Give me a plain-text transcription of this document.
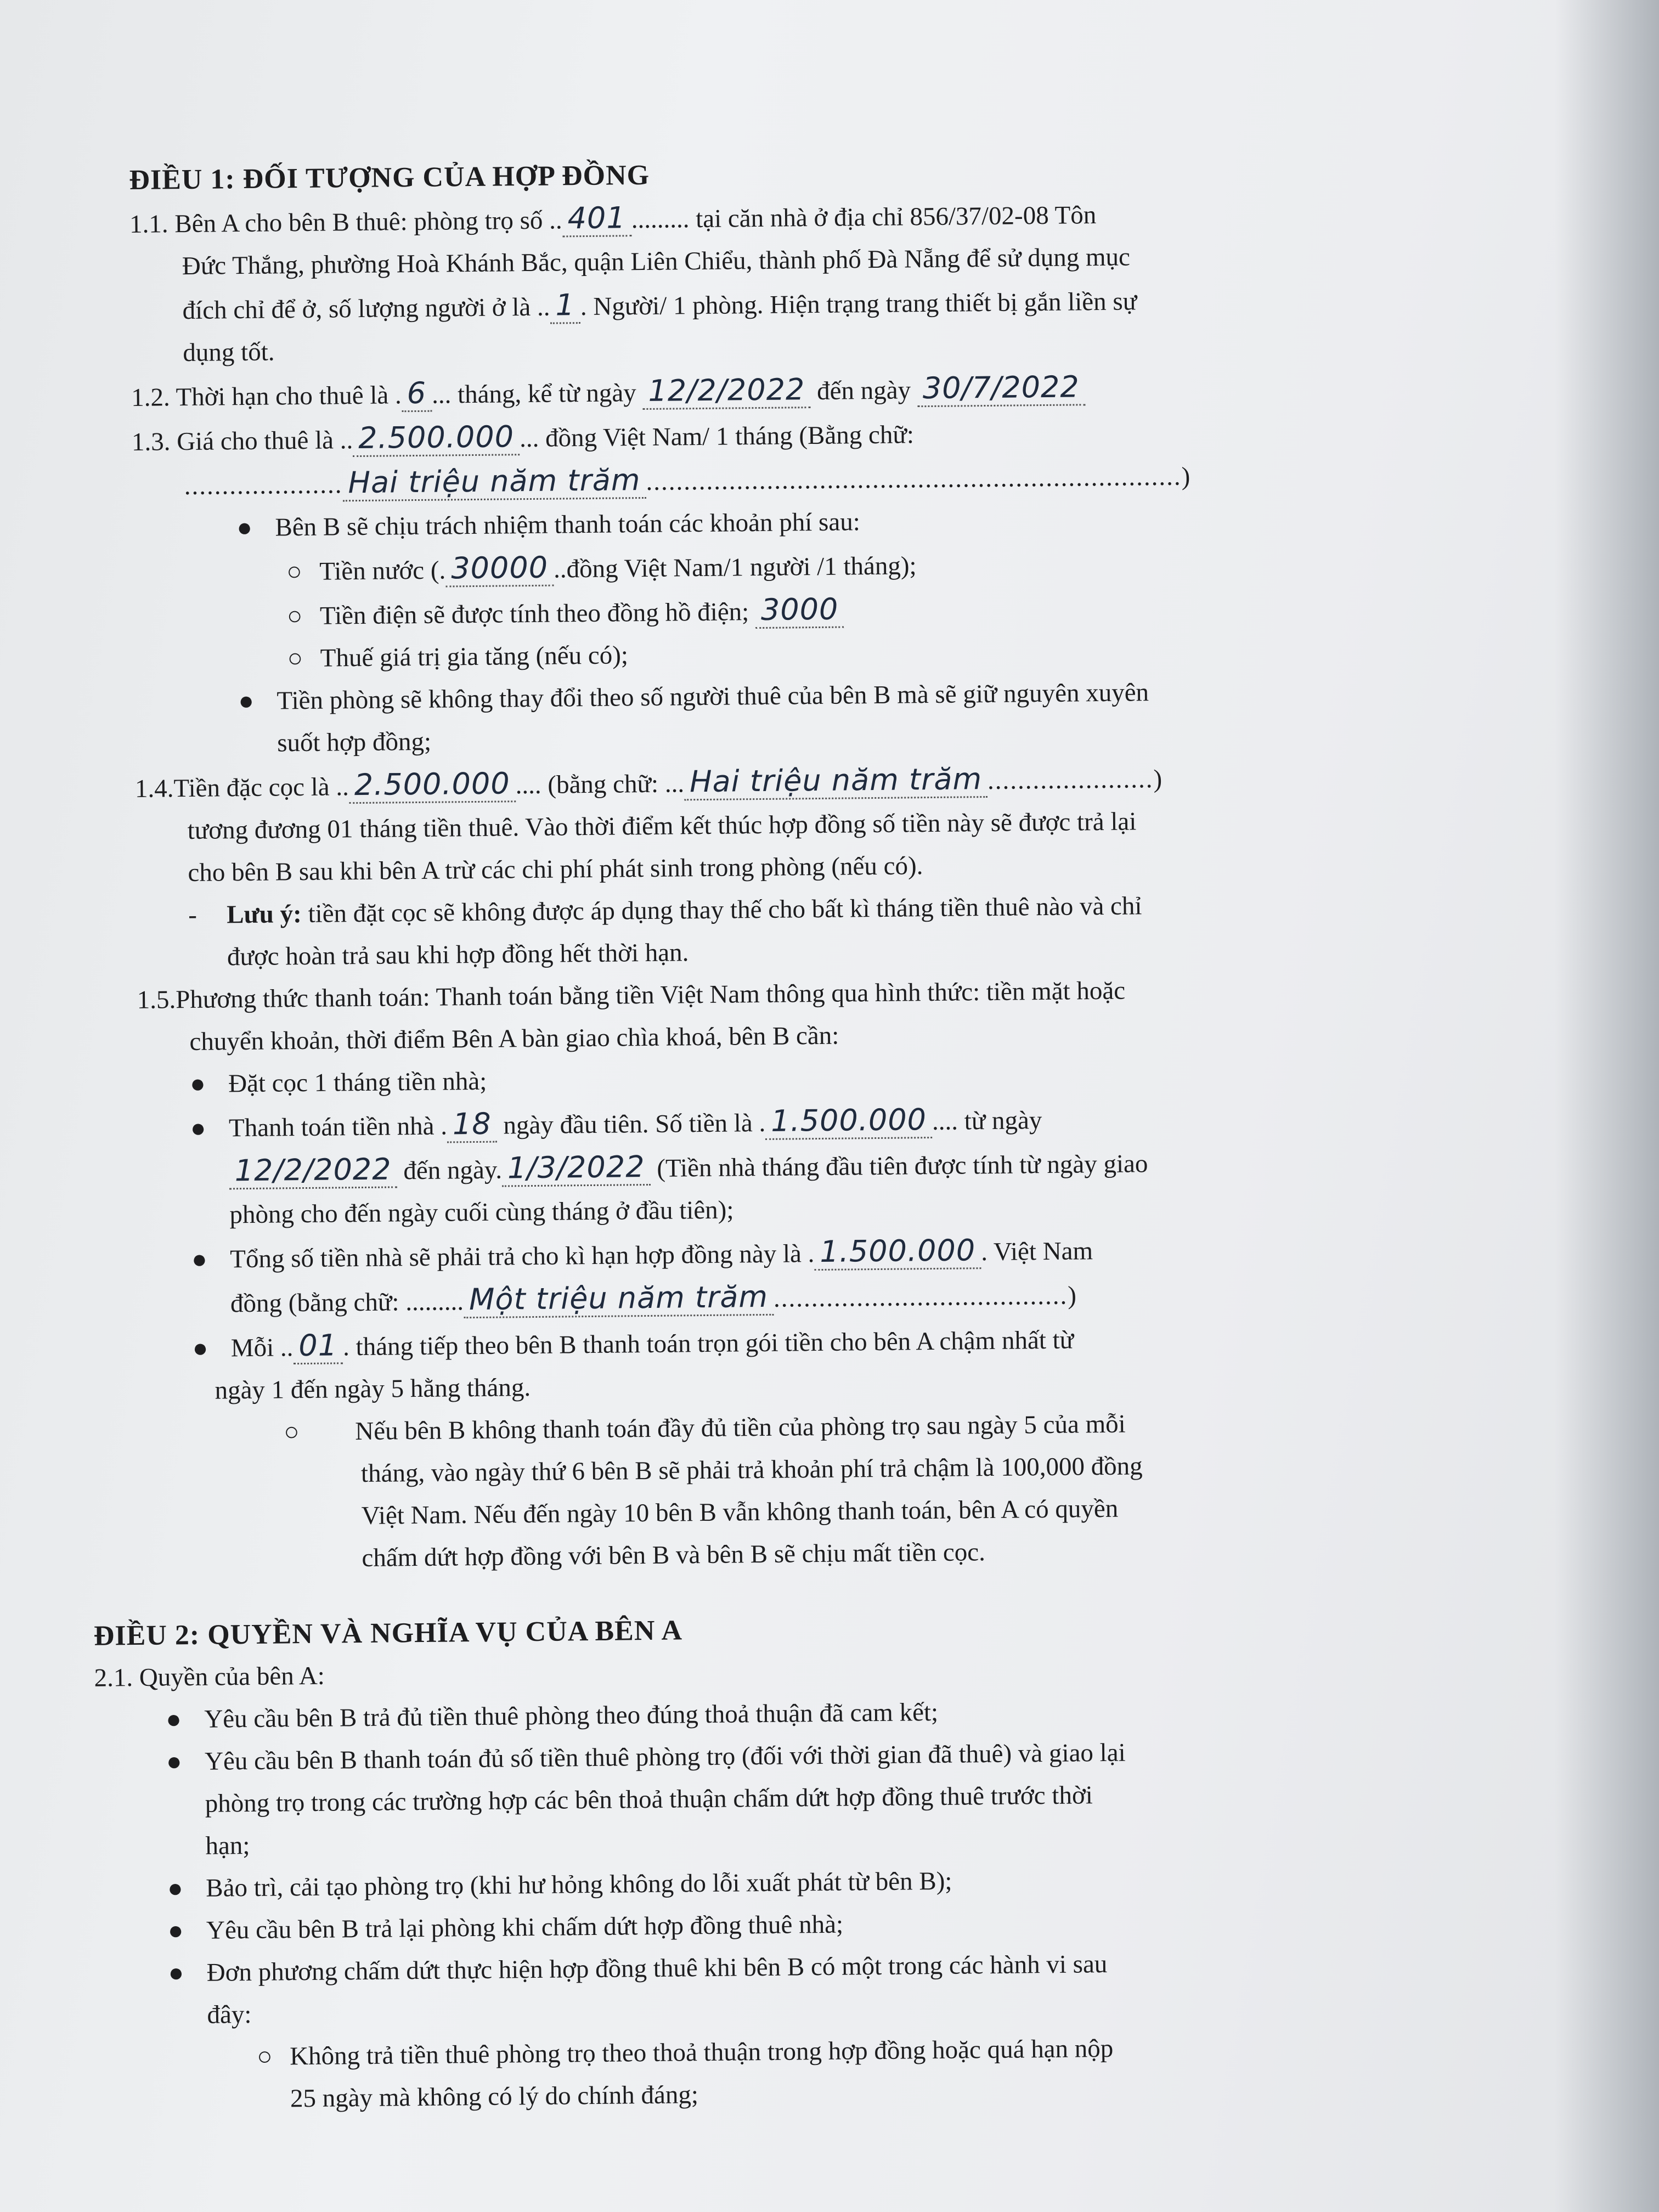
ĐIỀU 1: ĐỐI TƯỢNG CỦA HỢP ĐỒNG

1.1. Bên A cho bên B thuê: phòng trọ số .. 401 ......... tại căn nhà ở địa chỉ 856/37/02-08 Tôn

Đức Thắng, phường Hoà Khánh Bắc, quận Liên Chiểu, thành phố Đà Nẵng để sử dụng mục

đích chỉ để ở, số lượng người ở là .. 1 . Người/ 1 phòng. Hiện trạng trang thiết bị gắn liền sự

dụng tốt.

1.2. Thời hạn cho thuê là . 6 ... tháng, kể từ ngày 12/2/2022 đến ngày 30/7/2022

1.3. Giá cho thuê là .. 2.500.000 ... đồng Việt Nam/ 1 tháng (Bằng chữ:

..................... Hai triệu năm trăm .......................................................................)

● Bên B sẽ chịu trách nhiệm thanh toán các khoản phí sau:

○ Tiền nước (. 30000 ..đồng Việt Nam/1 người /1 tháng);

○ Tiền điện sẽ được tính theo đồng hồ điện; 3000

○ Thuế giá trị gia tăng (nếu có);

● Tiền phòng sẽ không thay đổi theo số người thuê của bên B mà sẽ giữ nguyên xuyên

suốt hợp đồng;

1.4.Tiền đặc cọc là .. 2.500.000 .... (bằng chữ: ... Hai triệu năm trăm ......................)

tương đương 01 tháng tiền thuê. Vào thời điểm kết thúc hợp đồng số tiền này sẽ được trả lại

cho bên B sau khi bên A trừ các chi phí phát sinh trong phòng (nếu có).

- Lưu ý: tiền đặt cọc sẽ không được áp dụng thay thế cho bất kì tháng tiền thuê nào và chỉ

được hoàn trả sau khi hợp đồng hết thời hạn.

1.5.Phương thức thanh toán: Thanh toán bằng tiền Việt Nam thông qua hình thức: tiền mặt hoặc

chuyển khoản, thời điểm Bên A bàn giao chìa khoá, bên B cần:

● Đặt cọc 1 tháng tiền nhà;

● Thanh toán tiền nhà . 18 ngày đầu tiên. Số tiền là . 1.500.000 .... từ ngày

12/2/2022 đến ngày. 1/3/2022 (Tiền nhà tháng đầu tiên được tính từ ngày giao

phòng cho đến ngày cuối cùng tháng ở đầu tiên);

● Tổng số tiền nhà sẽ phải trả cho kì hạn hợp đồng này là . 1.500.000 . Việt Nam

đồng (bằng chữ: ......... Một triệu năm trăm .......................................)

● Mỗi .. 01 . tháng tiếp theo bên B thanh toán trọn gói tiền cho bên A chậm nhất từ

ngày 1 đến ngày 5 hằng tháng.

○ Nếu bên B không thanh toán đầy đủ tiền của phòng trọ sau ngày 5 của mỗi

tháng, vào ngày thứ 6 bên B sẽ phải trả khoản phí trả chậm là 100,000 đồng

Việt Nam. Nếu đến ngày 10 bên B vẫn không thanh toán, bên A có quyền

chấm dứt hợp đồng với bên B và bên B sẽ chịu mất tiền cọc.

ĐIỀU 2: QUYỀN VÀ NGHĨA VỤ CỦA BÊN A

2.1. Quyền của bên A:

● Yêu cầu bên B trả đủ tiền thuê phòng theo đúng thoả thuận đã cam kết;

● Yêu cầu bên B thanh toán đủ số tiền thuê phòng trọ (đối với thời gian đã thuê) và giao lại

phòng trọ trong các trường hợp các bên thoả thuận chấm dứt hợp đồng thuê trước thời

hạn;

● Bảo trì, cải tạo phòng trọ (khi hư hỏng không do lỗi xuất phát từ bên B);

● Yêu cầu bên B trả lại phòng khi chấm dứt hợp đồng thuê nhà;

● Đơn phương chấm dứt thực hiện hợp đồng thuê khi bên B có một trong các hành vi sau

đây:

○ Không trả tiền thuê phòng trọ theo thoả thuận trong hợp đồng hoặc quá hạn nộp

25 ngày mà không có lý do chính đáng;
